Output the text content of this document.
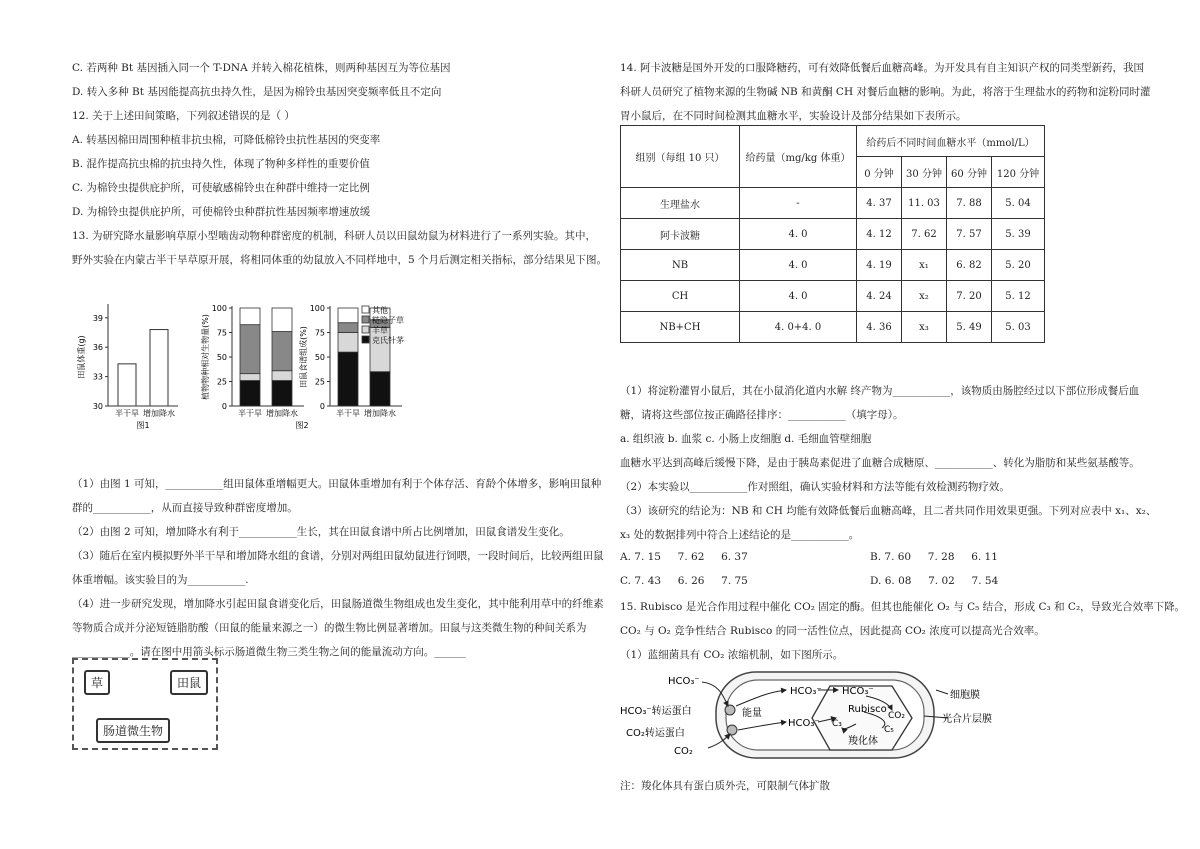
C. 若两种 Bt 基因插入同一个 T-DNA 并转入棉花植株，则两种基因互为等位基因
D. 转入多种 Bt 基因能提高抗虫持久性，是因为棉铃虫基因突变频率低且不定向
12. 关于上述田间策略，下列叙述错误的是（ ）
A. 转基因棉田周围种植非抗虫棉，可降低棉铃虫抗性基因的突变率
B. 混作提高抗虫棉的抗虫持久性，体现了物种多样性的重要价值
C. 为棉铃虫提供庇护所，可使敏感棉铃虫在种群中维持一定比例
D. 为棉铃虫提供庇护所，可使棉铃虫种群抗性基因频率增速放缓
13. 为研究降水量影响草原小型啮齿动物种群密度的机制，科研人员以田鼠幼鼠为材料进行了一系列实验。其中，
野外实验在内蒙古半干旱草原开展，将相同体重的幼鼠放入不同样地中，5 个月后测定相关指标，部分结果见下图。
30
33
36
39
半干旱 增加降水
田鼠体重(g)
图1
0
25
50
75
100
半干旱 增加降水
植物物种相对生物量(%)
0
25
50
75
100
半干旱 增加降水
田鼠食谱组成(%)
图2
其他
糙隐子草
羊草
克氏针茅
（1）由图 1 可知，___________组田鼠体重增幅更大。田鼠体重增加有利于个体存活、育龄个体增多，影响田鼠种
群的___________，从而直接导致种群密度增加。
（2）由图 2 可知，增加降水有利于___________生长，其在田鼠食谱中所占比例增加，田鼠食谱发生变化。
（3）随后在室内模拟野外半干旱和增加降水组的食谱，分别对两组田鼠幼鼠进行饲喂，一段时间后，比较两组田鼠
体重增幅。该实验目的为___________.
（4）进一步研究发现，增加降水引起田鼠食谱变化后，田鼠肠道微生物组成也发生变化，其中能利用草中的纤维素
等物质合成并分泌短链脂肪酸（田鼠的能量来源之一）的微生物比例显著增加。田鼠与这类微生物的种间关系为
___________。请在图中用箭头标示肠道微生物三类生物之间的能量流动方向。______
草	田鼠
肠道微生物
14. 阿卡波糖是国外开发的口服降糖药，可有效降低餐后血糖高峰。为开发具有自主知识产权的同类型新药，我国
科研人员研究了植物来源的生物碱 NB 和黄酮 CH 对餐后血糖的影响。为此，将溶于生理盐水的药物和淀粉同时灌
胃小鼠后，在不同时间检测其血糖水平，实验设计及部分结果如下表所示。
组别（每组 10 只）	给药量（mg/kg 体重）	给药后不同时间血糖水平（mmol/L）			
		0 分钟	30 分钟	60 分钟	120 分钟
生理盐水	-	4. 37	11. 03	7. 88	5. 04
阿卡波糖	4. 0	4. 12	7. 62	7. 57	5. 39
NB	4. 0	4. 19	x₁	6. 82	5. 20
CH	4. 0	4. 24	x₂	7. 20	5. 12
NB+CH	4. 0+4. 0	4. 36	x₃	5. 49	5. 03
（1）将淀粉灌胃小鼠后，其在小鼠消化道内水解 终产物为___________，该物质由肠腔经过以下部位形成餐后血
糖，请将这些部位按正确路径排序：___________（填字母）。
a. 组织液 b. 血浆 c. 小肠上皮细胞 d. 毛细血管壁细胞
血糖水平达到高峰后缓慢下降，是由于胰岛素促进了血糖合成糖原、___________、转化为脂肪和某些氨基酸等。
（2）本实验以___________作对照组，确认实验材料和方法等能有效检测药物疗效。
（3）该研究的结论为：NB 和 CH 均能有效降低餐后血糖高峰，且二者共同作用效果更强。下列对应表中 x₁、x₂、
x₃ 处的数据排列中符合上述结论的是___________。
A. 7. 15     7. 62     6. 37	B. 7. 60     7. 28     6. 11
C. 7. 43     6. 26     7. 75	D. 6. 08     7. 02     7. 54
15. Rubisco 是光合作用过程中催化 CO₂ 固定的酶。但其也能催化 O₂ 与 C₅ 结合，形成 C₃ 和 C₂，导致光合效率下降。
CO₂ 与 O₂ 竞争性结合 Rubisco 的同一活性位点，因此提高 CO₂ 浓度可以提高光合效率。
（1）蓝细菌具有 CO₂ 浓缩机制，如下图所示。
HCO₃⁻
HCO₃⁻ HCO₃⁻
HCO₃⁻
HCO₃⁻转运蛋白
CO₂转运蛋白
CO₂
能量	Rubisco
C₃
C₅
CO₂
羧化体
细胞膜
光合片层膜
注：羧化体具有蛋白质外壳，可限制气体扩散
